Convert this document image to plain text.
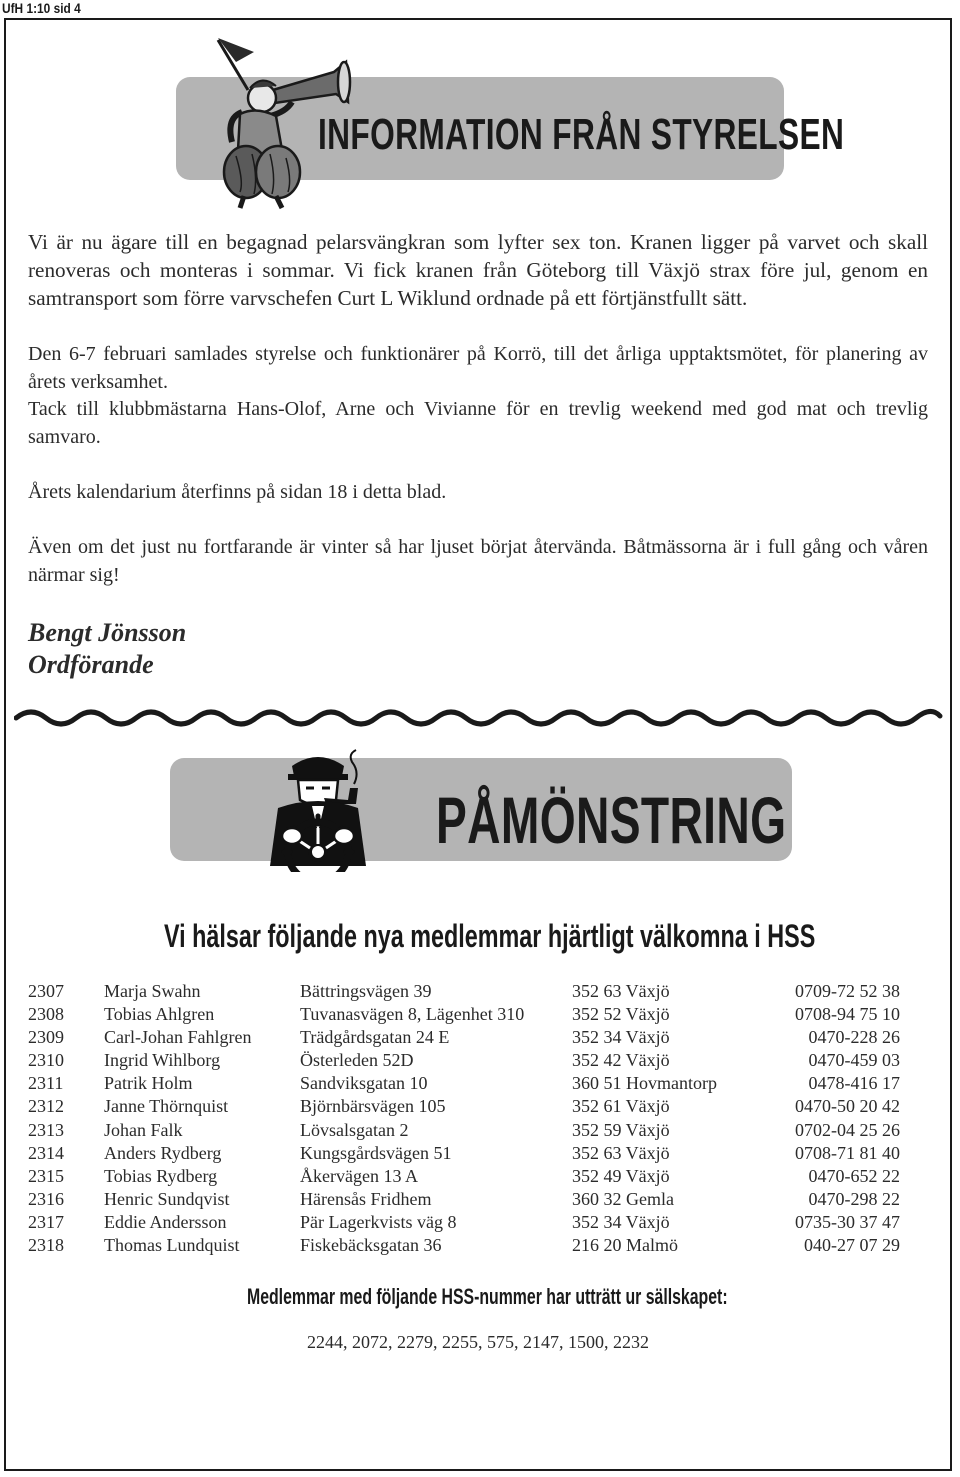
UfH 1:10 sid 4
INFORMATION FRÅN STYRELSEN

Vi är nu ägare till en begagnad pelarsvängkran som lyfter sex ton. Kranen ligger på varvet och skall renoveras och monteras i sommar. Vi fick kranen från Göteborg till Växjö strax före jul, genom en samtransport som förre varvschefen Curt L Wiklund ordnade på ett förtjänstfullt sätt.

Den 6-7 februari samlades styrelse och funktionärer på Korrö, till det årliga upptaktsmötet, för planering av årets verksamhet.

Tack till klubbmästarna Hans-Olof, Arne och Vivianne för en trevlig weekend med god mat och trevlig samvaro.

Årets kalendarium återfinns på sidan 18 i detta blad.

Även om det just nu fortfarande är vinter så har ljuset börjat återvända. Båtmässorna är i full gång och våren närmar sig!

Bengt Jönsson

Ordförande

PÅMÖNSTRING
Vi hälsar följande nya medlemmar hjärtligt välkomna i HSS
2307 Marja Swahn	Bättringsvägen 39	352 63 Växjö	0709-72 52 38
2308 Tobias Ahlgren	Tuvanasvägen 8, Lägenhet 310	352 52 Växjö	0708-94 75 10
2309 Carl-Johan Fahlgren	Trädgårdsgatan 24 E	352 34 Växjö	0470-228 26
2310 Ingrid Wihlborg	Österleden 52D	352 42 Växjö	0470-459 03
2311 Patrik Holm	Sandviksgatan 10	360 51 Hovmantorp	0478-416 17
2312 Janne Thörnquist	Björnbärsvägen 105	352 61 Växjö	0470-50 20 42
2313 Johan Falk	Lövsalsgatan 2	352 59 Växjö	0702-04 25 26
2314 Anders Rydberg	Kungsgårdsvägen 51	352 63 Växjö	0708-71 81 40
2315 Tobias Rydberg	Åkervägen 13 A	352 49 Växjö	0470-652 22
2316 Henric Sundqvist	Härensås Fridhem	360 32 Gemla	0470-298 22
2317 Eddie Andersson	Pär Lagerkvists väg 8	352 34 Växjö	0735-30 37 47
2318 Thomas Lundquist	Fiskebäcksgatan 36	216 20 Malmö	040-27 07 29
Medlemmar med följande HSS-nummer har utträtt ur sällskapet:
2244, 2072, 2279, 2255, 575, 2147, 1500, 2232
